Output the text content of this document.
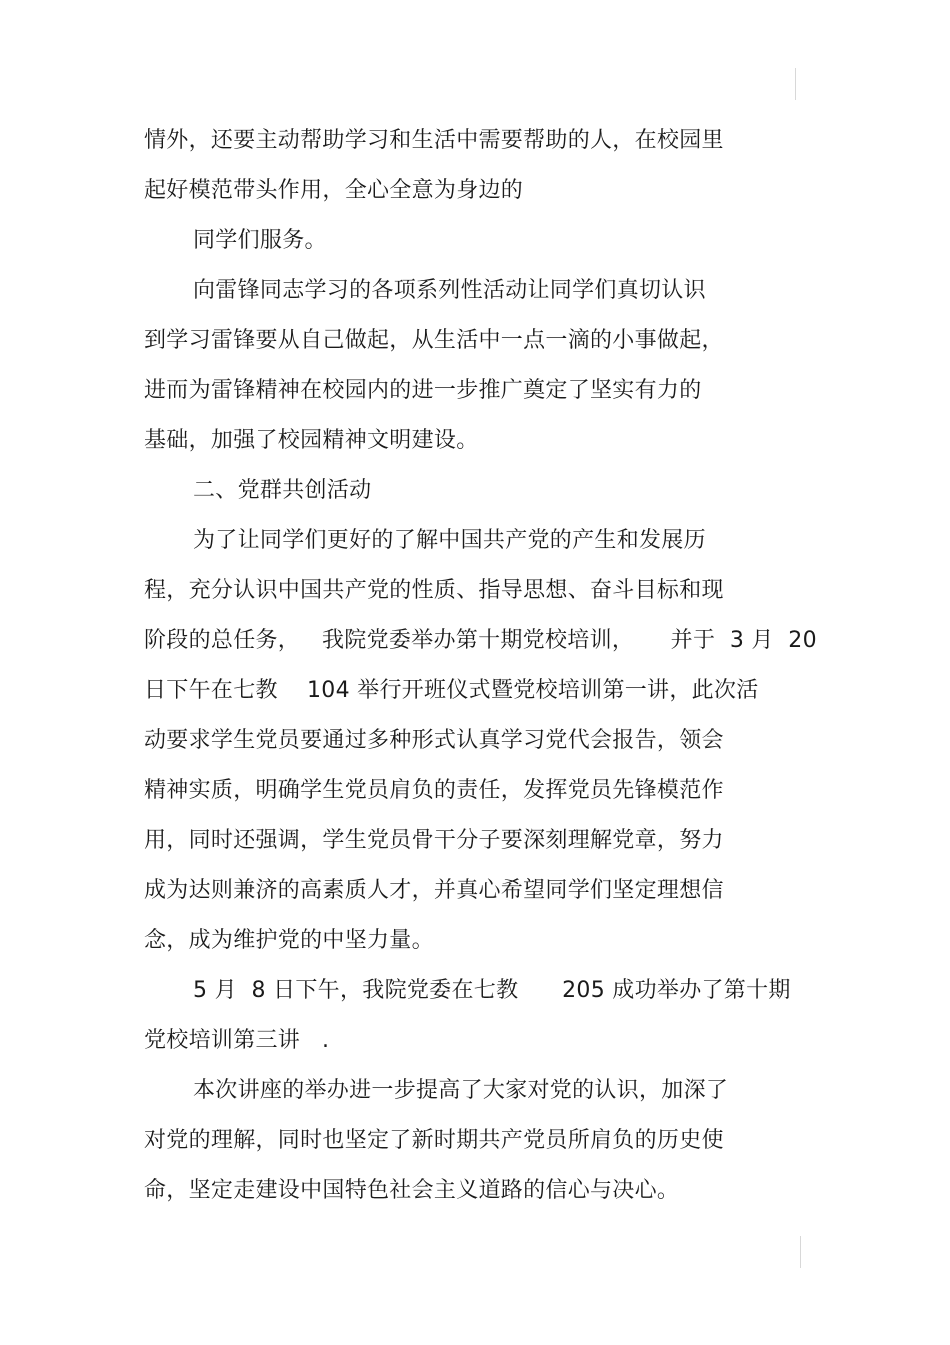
情外，还要主动帮助学习和生活中需要帮助的人，在校园里
起好模范带头作用，全心全意为身边的
同学们服务。
向雷锋同志学习的各项系列性活动让同学们真切认识
到学习雷锋要从自己做起，从生活中一点一滴的小事做起，
进而为雷锋精神在校园内的进一步推广奠定了坚实有力的
基础，加强了校园精神文明建设。
二、党群共创活动
为了让同学们更好的了解中国共产党的产生和发展历
程，充分认识中国共产党的性质、指导思想、奋斗目标和现
阶段的总任务，   我院党委举办第十期党校培训，     并于  3 月  20
日下午在七教    104 举行开班仪式暨党校培训第一讲，此次活
动要求学生党员要通过多种形式认真学习党代会报告，领会
精神实质，明确学生党员肩负的责任，发挥党员先锋模范作
用，同时还强调，学生党员骨干分子要深刻理解党章，努力
成为达则兼济的高素质人才，并真心希望同学们坚定理想信
念，成为维护党的中坚力量。
5 月  8 日下午，我院党委在七教      205 成功举办了第十期
党校培训第三讲   .
本次讲座的举办进一步提高了大家对党的认识，加深了
对党的理解，同时也坚定了新时期共产党员所肩负的历史使
命，坚定走建设中国特色社会主义道路的信心与决心。
